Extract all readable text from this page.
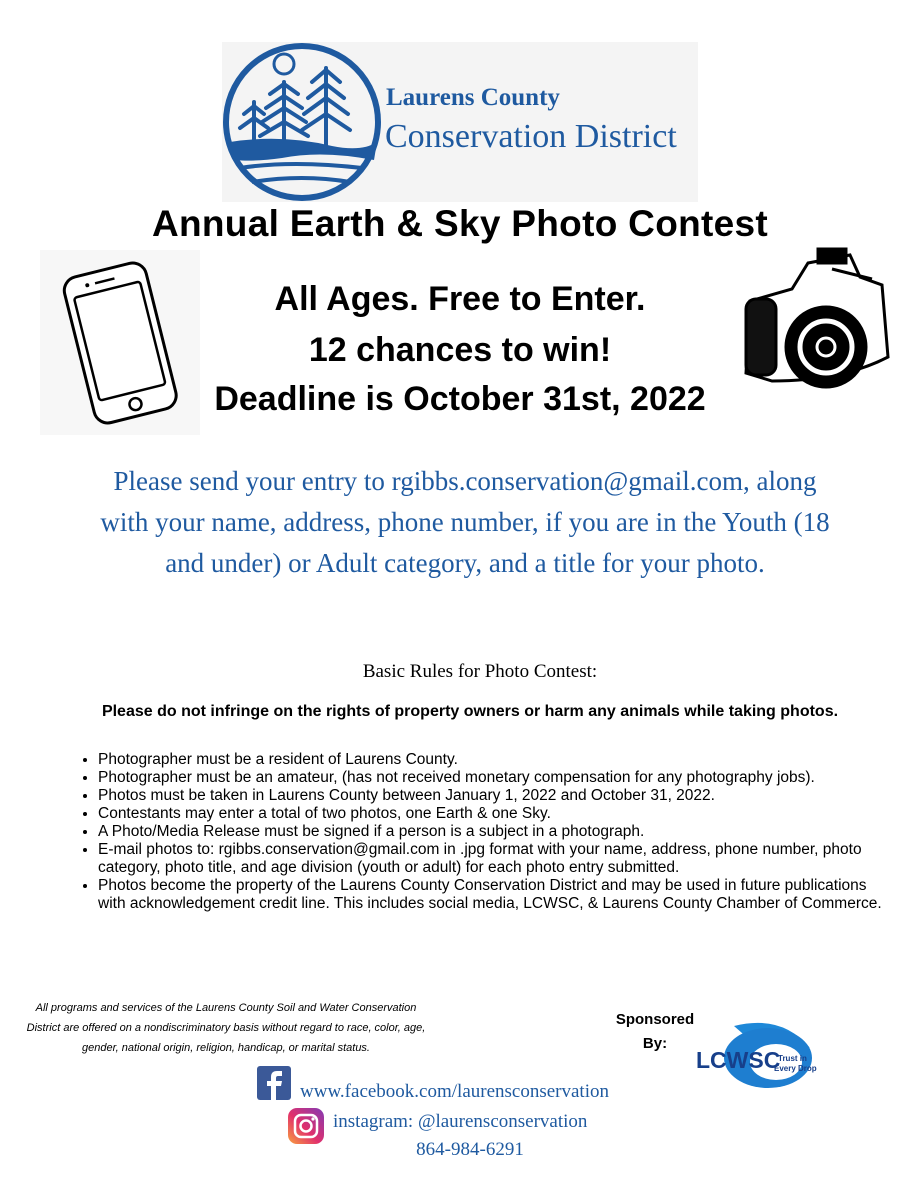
Laurens County
Conservation District
Annual Earth & Sky Photo Contest
All Ages. Free to Enter.
12 chances to win!
Deadline is October 31st, 2022
Please send your entry to rgibbs.conservation@gmail.com, along with your name, address, phone number, if you are in the Youth (18 and under) or Adult category, and a title for your photo.
Basic Rules for Photo Contest:
Please do not infringe on the rights of property owners or harm any animals while taking photos.
• Photographer must be a resident of Laurens County.
• Photographer must be an amateur, (has not received monetary compensation for any photography jobs).
• Photos must be taken in Laurens County between January 1, 2022 and October 31, 2022.
• Contestants may enter a total of two photos, one Earth & one Sky.
• A Photo/Media Release must be signed if a person is a subject in a photograph.
• E-mail photos to: rgibbs.conservation@gmail.com in .jpg format with your name, address, phone number, photo category, photo title, and age division (youth or adult) for each photo entry submitted.
• Photos become the property of the Laurens County Conservation District and may be used in future publications with acknowledgement credit line. This includes social media, LCWSC, & Laurens County Chamber of Commerce.
All programs and services of the Laurens County Soil and Water Conservation District are offered on a nondiscriminatory basis without regard to race, color, age, gender, national origin, religion, handicap, or marital status.
Sponsored
By:
LCWSC
Trust in
Every Drop
www.facebook.com/laurensconservation
instagram: @laurensconservation
864-984-6291
